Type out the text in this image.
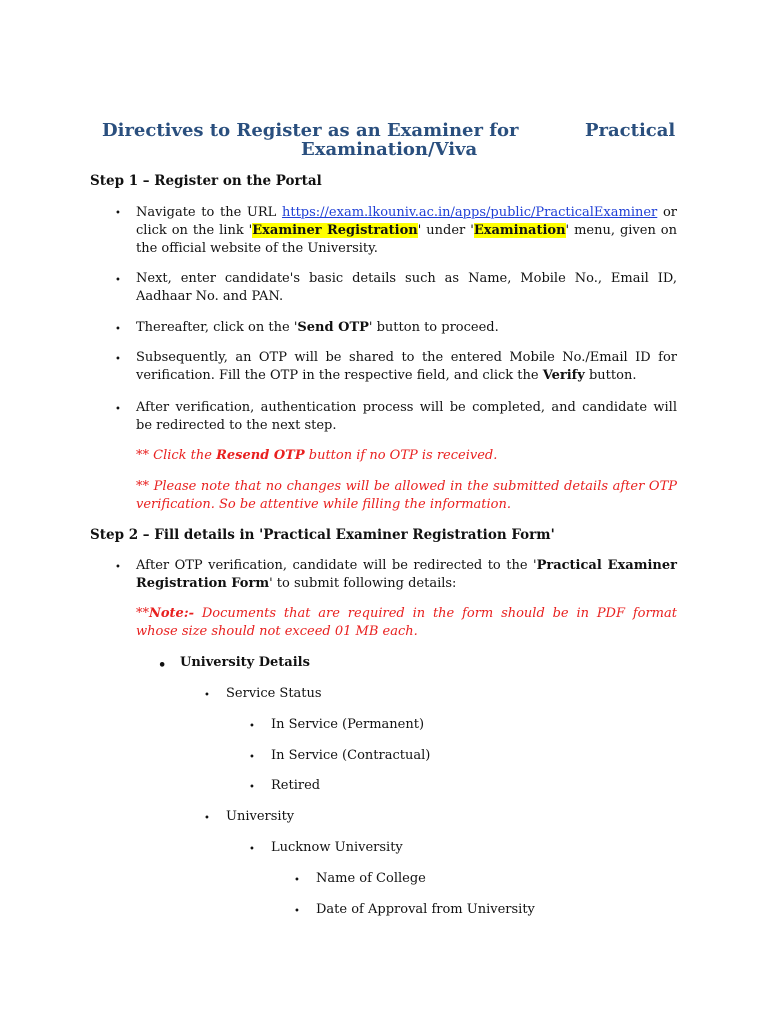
Directives to Register as an Examiner for	Practical
Examination/Viva
Step 1 – Register on the Portal
• Navigate to the URL https://exam.lkouniv.ac.in/apps/public/PracticalExaminer or click on the link 'Examiner Registration' under 'Examination' menu, given on the official website of the University.
• Next, enter candidate's basic details such as Name, Mobile No., Email ID, Aadhaar No. and PAN.
• Thereafter, click on the 'Send OTP' button to proceed.
• Subsequently, an OTP will be shared to the entered Mobile No./Email ID for verification. Fill the OTP in the respective field, and click the Verify button.
• After verification, authentication process will be completed, and candidate will be redirected to the next step.
** Click the Resend OTP button if no OTP is received.
** Please note that no changes will be allowed in the submitted details after OTP verification. So be attentive while filling the information.
Step 2 – Fill details in 'Practical Examiner Registration Form'
• After OTP verification, candidate will be redirected to the 'Practical Examiner Registration Form' to submit following details:
**Note:- Documents that are required in the form should be in PDF format whose size should not exceed 01 MB each.
• University Details
• Service Status
• In Service (Permanent)
• In Service (Contractual)
• Retired
• University
• Lucknow University
• Name of College
• Date of Approval from University
